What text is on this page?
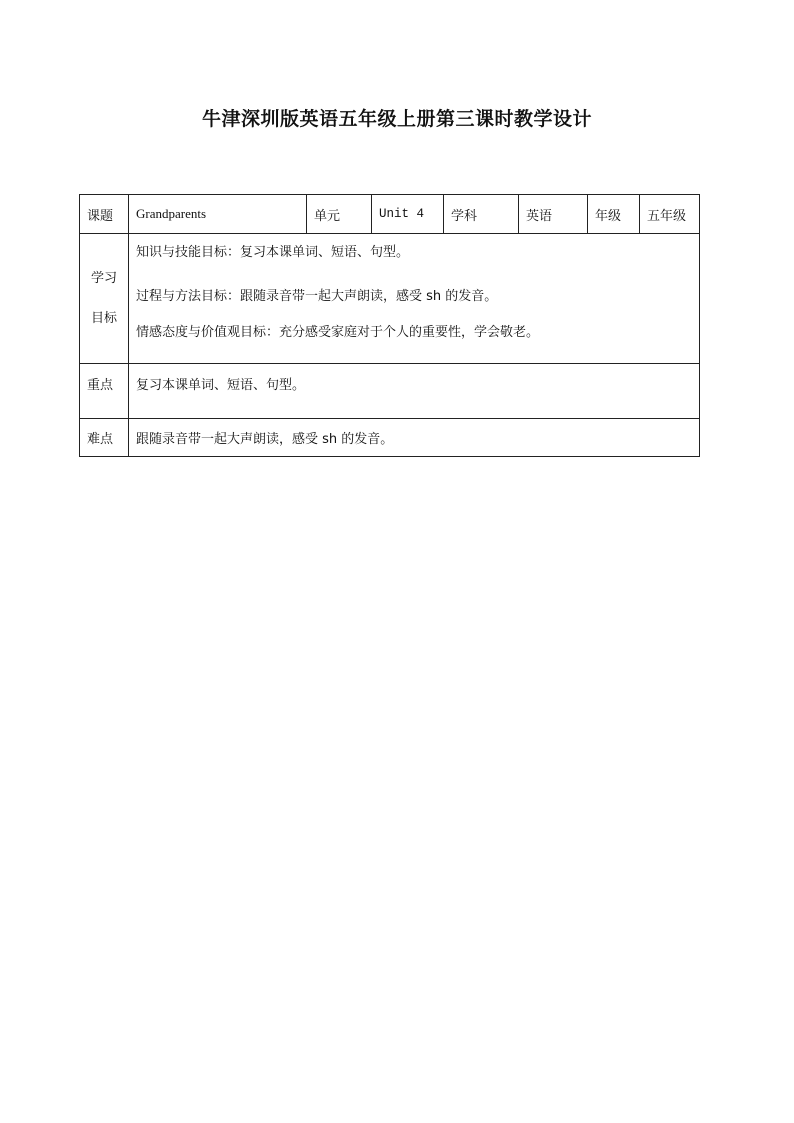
牛津深圳版英语五年级上册第三课时教学设计
课题	Grandparents	单元	Unit 4	学科	英语	年级	五年级

学习
目标	知识与技能目标：复习本课单词、短语、句型。
过程与方法目标：跟随录音带一起大声朗读，感受 sh 的发音。
情感态度与价值观目标：充分感受家庭对于个人的重要性，学会敬老。						

重点	复习本课单词、短语、句型。						
难点	跟随录音带一起大声朗读，感受 sh 的发音。						
